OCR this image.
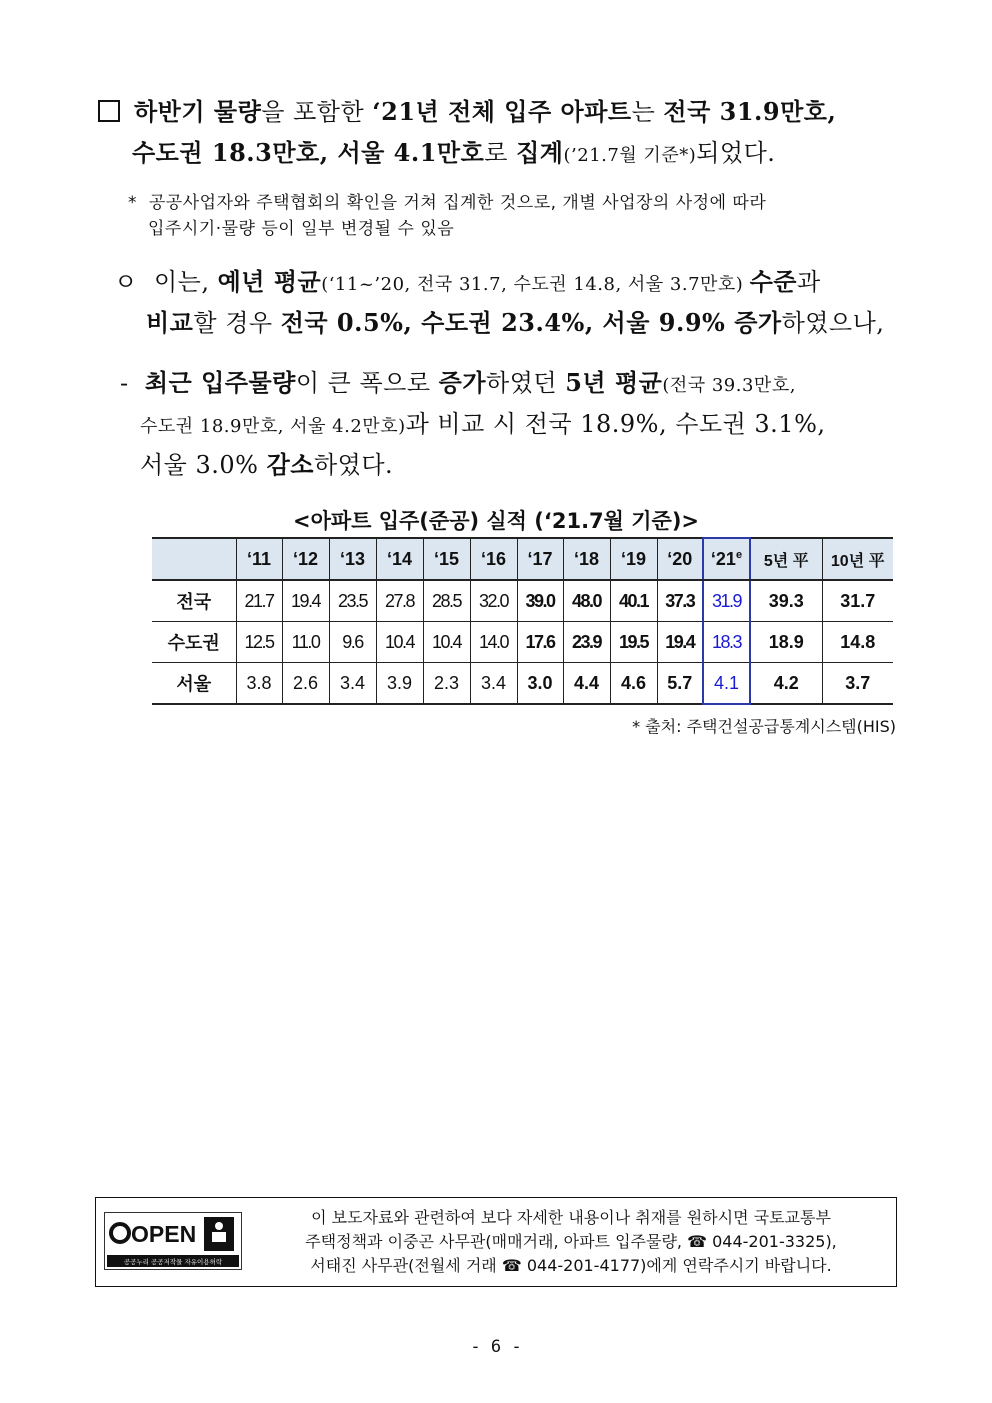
하반기 물량을 포함한 ‘21년 전체 입주 아파트는 전국 31.9만호,
수도권 18.3만호, 서울 4.1만호로 집계(’21.7월 기준*)되었다.
* 공공사업자와 주택협회의 확인을 거쳐 집계한 것으로, 개별 사업장의 사정에 따라
입주시기·물량 등이 일부 변경될 수 있음
ㅇ 이는, 예년 평균(‘11~’20, 전국 31.7, 수도권 14.8, 서울 3.7만호) 수준과
비교할 경우 전국 0.5%, 수도권 23.4%, 서울 9.9% 증가하였으나,
- 최근 입주물량이 큰 폭으로 증가하였던 5년 평균(전국 39.3만호,
수도권 18.9만호, 서울 4.2만호)과 비교 시 전국 18.9%, 수도권 3.1%,
서울 3.0% 감소하였다.
<아파트 입주(준공) 실적 (‘21.7월 기준)>
	‘11	‘12	‘13	‘14	‘15	‘16	‘17	‘18	‘19	‘20	‘21e	5년 平	10년 平
전국	21.7	19.4	23.5	27.8	28.5	32.0	39.0	48.0	40.1	37.3	31.9	39.3	31.7
수도권	12.5	11.0	9.6	10.4	10.4	14.0	17.6	23.9	19.5	19.4	18.3	18.9	14.8
서울	3.8	2.6	3.4	3.9	2.3	3.4	3.0	4.4	4.6	5.7	4.1	4.2	3.7
* 출처: 주택건설공급통계시스템(HIS)
OPEN
공공누리 공공저작물 자유이용허락
이 보도자료와 관련하여 보다 자세한 내용이나 취재를 원하시면 국토교통부
주택정책과 이중곤 사무관(매매거래, 아파트 입주물량, ☎ 044-201-3325),
서태진 사무관(전월세 거래 ☎ 044-201-4177)에게 연락주시기 바랍니다.
- 6 -
